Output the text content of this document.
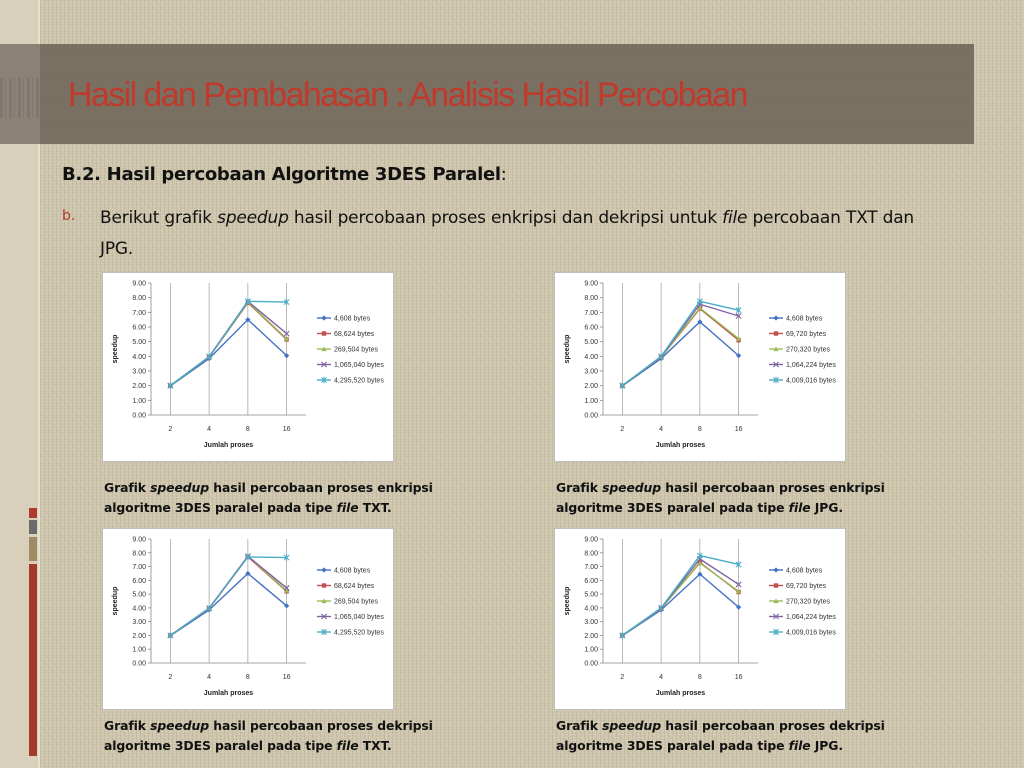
Hasil dan Pembahasan : Analisis Hasil Percobaan
B.2. Hasil percobaan Algoritme 3DES Paralel:
b. Berikut grafik speedup hasil percobaan proses enkripsi dan dekripsi untuk file percobaan TXT dan JPG.
0.00
1.00
2.00
3.00
4.00
5.00
6.00
7.00
8.00
9.00
2	4	8	16
Jumlah proses
speedup
4,608 bytes
68,624 bytes
269,504 bytes
1,065,040 bytes
4,295,520 bytes
0.00
1.00
2.00
3.00
4.00
5.00
6.00
7.00
8.00
9.00
2	4	8	16
Jumlah proses
speedup
4,608 bytes
69,720 bytes
270,320 bytes
1,064,224 bytes
4,009,016 bytes
0.00
1.00
2.00
3.00
4.00
5.00
6.00
7.00
8.00
9.00
2	4	8	16
Jumlah proses
speedup
4,608 bytes
68,624 bytes
269,504 bytes
1,065,040 bytes
4,295,520 bytes
0.00
1.00
2.00
3.00
4.00
5.00
6.00
7.00
8.00
9.00
2	4	8	16
Jumlah proses
speedup
4,608 bytes
69,720 bytes
270,320 bytes
1,064,224 bytes
4,009,016 bytes
Grafik speedup hasil percobaan proses enkripsi algoritme 3DES paralel pada tipe file TXT.
Grafik speedup hasil percobaan proses enkripsi algoritme 3DES paralel pada tipe file JPG.
Grafik speedup hasil percobaan proses dekripsi algoritme 3DES paralel pada tipe file TXT.
Grafik speedup hasil percobaan proses dekripsi algoritme 3DES paralel pada tipe file JPG.
